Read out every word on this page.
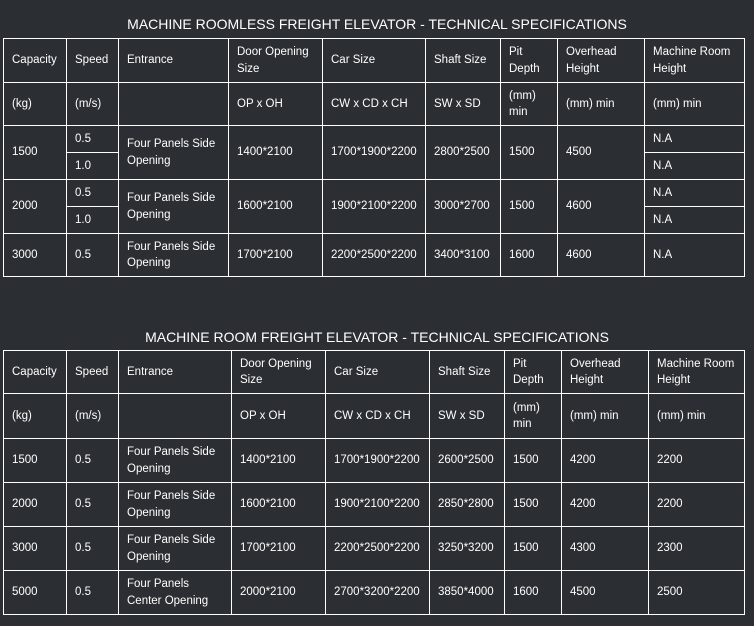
MACHINE ROOMLESS FREIGHT ELEVATOR - TECHNICAL SPECIFICATIONS
Capacity	Speed	Entrance	Door Opening Size	Car Size	Shaft Size	Pit Depth	Overhead Height	Machine Room Height
(kg)	(m/s)		OP x OH	CW x CD x CH	SW x SD	(mm) min	(mm) min	(mm) min
1500	0.5	Four Panels Side Opening	1400*2100	1700*1900*2200	2800*2500	1500	4500	N.A
	1.0							N.A
2000	0.5	Four Panels Side Opening	1600*2100	1900*2100*2200	3000*2700	1500	4600	N.A
	1.0							N.A
3000	0.5	Four Panels Side Opening	1700*2100	2200*2500*2200	3400*3100	1600	4600	N.A
MACHINE ROOM FREIGHT ELEVATOR - TECHNICAL SPECIFICATIONS
Capacity	Speed	Entrance	Door Opening Size	Car Size	Shaft Size	Pit Depth	Overhead Height	Machine Room Height
(kg)	(m/s)		OP x OH	CW x CD x CH	SW x SD	(mm) min	(mm) min	(mm) min
1500	0.5	Four Panels Side Opening	1400*2100	1700*1900*2200	2600*2500	1500	4200	2200
2000	0.5	Four Panels Side Opening	1600*2100	1900*2100*2200	2850*2800	1500	4200	2200
3000	0.5	Four Panels Side Opening	1700*2100	2200*2500*2200	3250*3200	1500	4300	2300
5000	0.5	Four Panels Center Opening	2000*2100	2700*3200*2200	3850*4000	1600	4500	2500
